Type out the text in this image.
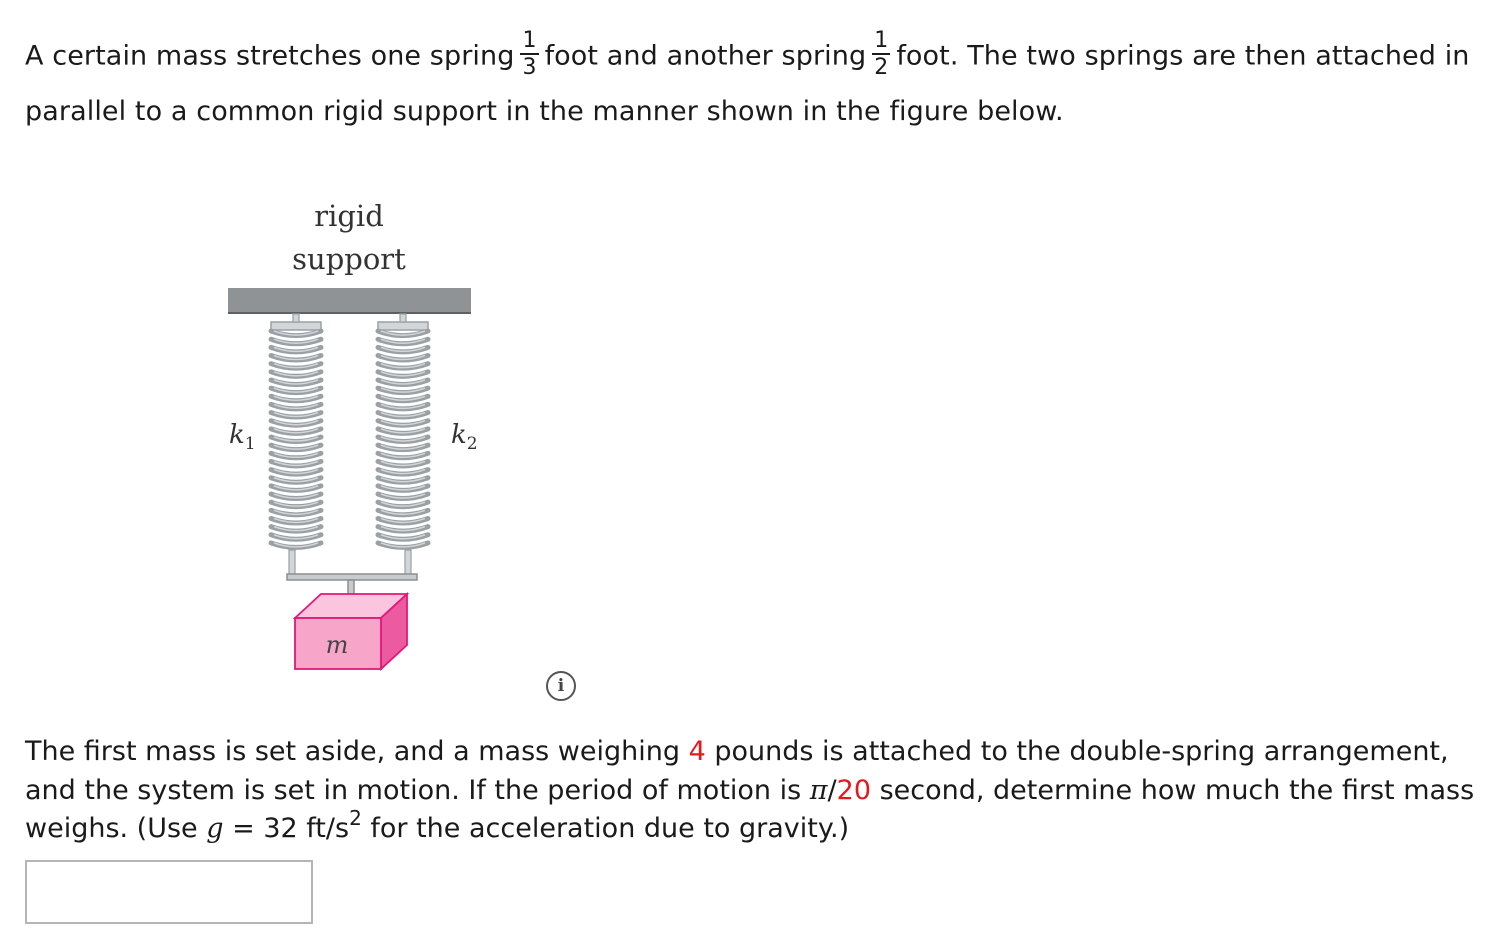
A certain mass stretches one spring $\frac{1}{3}$ foot and another spring $\frac{1}{2}$ foot. The two springs are then attached in
parallel to a common rigid support in the manner shown in the figure below.
rigid
support
m
$k_1$	$k_2$
i
The first mass is set aside, and a mass weighing 4 pounds is attached to the double-spring arrangement, and the system is set in motion. If the period of motion is π/20 second, determine how much the first mass weighs. (Use g = 32 $ft/s^2$ for the acceleration due to gravity.)
